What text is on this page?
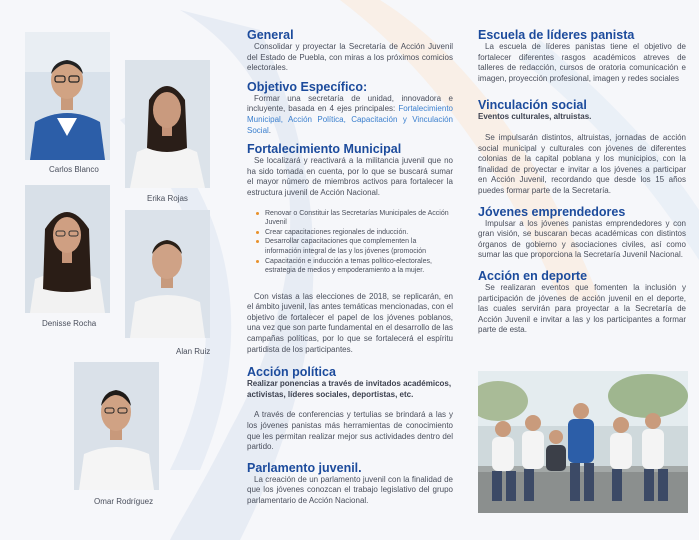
Carlos Blanco
Erika Rojas
Denisse Rocha
Alan Ruiz
Omar Rodríguez
General

Consolidar y proyectar la Secretaría de Acción Juvenil del Estado de Puebla, con miras a los próximos comicios electorales.

Objetivo Específico:

Formar una secretaría de unidad, innovadora e incluyente, basada en 4 ejes principales: Fortalecimiento Municipal, Acción Política, Capacitación y Vinculación Social.

Fortalecimiento Municipal

Se localizará y reactivará a la militancia juvenil que no ha sido tomada en cuenta, por lo que se buscará sumar el mayor número de miembros activos para fortalecer la estructura juvenil de Acción Nacional.

Renovar o Constituir las Secretarías Municipales de Acción Juvenil
Crear capacitaciones regionales de inducción.
Desarrollar capacitaciones que complementen la información integral de las y los jóvenes (promoción
Capacitación e inducción a temas político-electorales, estrategia de medios y empoderamiento a la mujer.

Con vistas a las elecciones de 2018, se replicarán, en el ámbito juvenil, las antes temáticas mencionadas, con el objetivo de fortalecer el papel de los jóvenes poblanos, una vez que son parte fundamental en el desarrollo de las campañas políticas, por lo que se fortalecerá el espíritu partidista de los participantes.

Acción política
Realizar ponencias a través de invitados académicos, activistas, líderes sociales, deportistas, etc.

A través de conferencias y tertulias se brindará a las y los jóvenes panistas más herramientas de conocimiento que les permitan realizar mejor sus actividades dentro del partido.

Parlamento juvenil.

La creación de un parlamento juvenil con la finalidad de que los jóvenes conozcan el trabajo legislativo del grupo parlamentario de Acción Nacional.

Escuela de líderes panista

La escuela de líderes panistas tiene el objetivo de fortalecer diferentes rasgos académicos atreves de talleres de redacción, cursos de oratoria comunicación e imagen, proyección profesional, imagen y redes sociales

Vinculación social
Eventos culturales, altruistas.

Se impulsarán distintos, altruistas, jornadas de acción social municipal y culturales con jóvenes de diferentes colonias de la capital poblana y los municipios, con la finalidad de proyectar e invitar a los jóvenes a participar en Acción Juvenil, recordando que desde los 15 años puedes formar parte de la Secretaría.

Jóvenes emprendedores

Impulsar a los jóvenes panistas emprendedores y con gran visión, se buscaran becas académicas con distintos órganos de gobierno y asociaciones civiles, así como sumar las que proporciona la Secretaría Juvenil Nacional.

Acción en deporte

Se realizaran eventos que fomenten la inclusión y participación de jóvenes de acción juvenil en el deporte, las cuales servirán para proyectar a la Secretaría de Acción Juvenil e invitar a las y los participantes a formar parte de esta.
